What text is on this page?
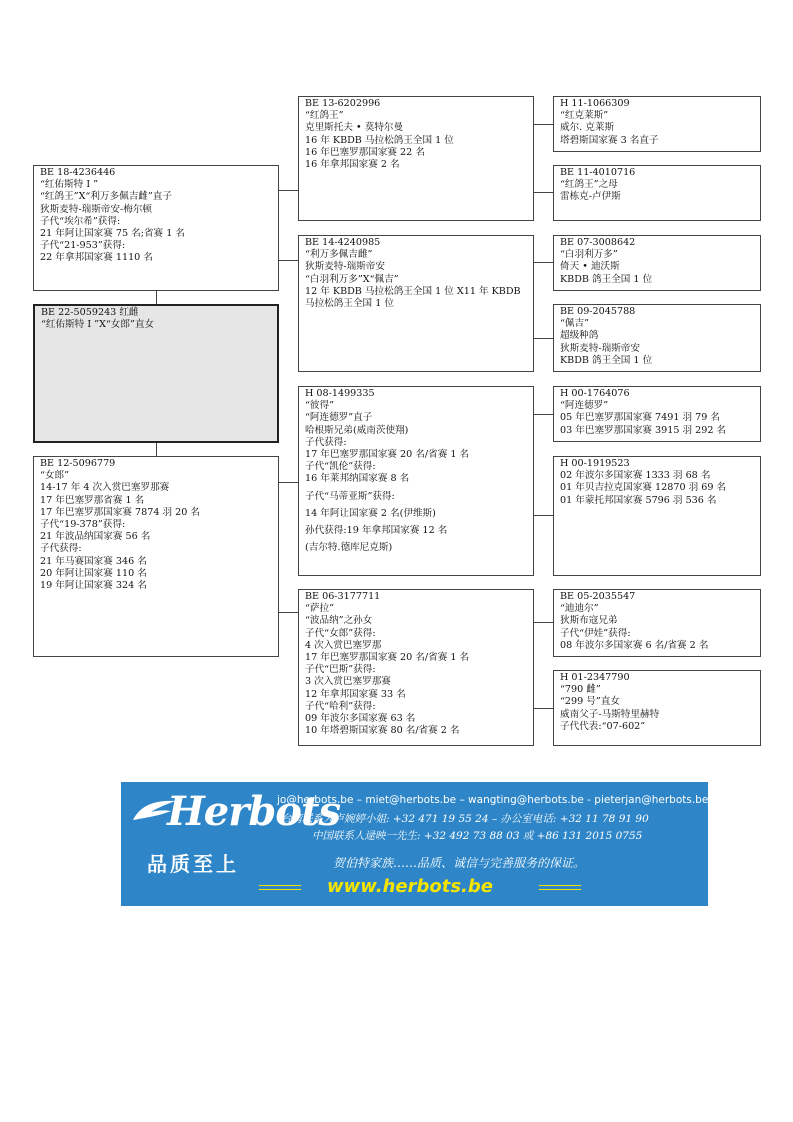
H 11-1066309
“红克莱斯”
威尔. 克莱斯
塔碧斯国家赛 3 名直子
BE 11-4010716
“红鸽王”之母
雷栋克-卢伊斯
BE 07-3008642
“白羽利万多”
倚天 • 迪沃斯
KBDB 鸽王全国 1 位
BE 09-2045788
“佩吉”
超级种鸽
狄斯麦特-瑞斯帝安
KBDB 鸽王全国 1 位
H 00-1764076
“阿连德罗”
05 年巴塞罗那国家赛 7491 羽 79 名
03 年巴塞罗那国家赛 3915 羽 292 名
H 00-1919523
02 年波尔多国家赛 1333 羽 68 名
01 年贝吉拉克国家赛 12870 羽 69 名
01 年蒙托邦国家赛 5796 羽 536 名
BE 05-2035547
“迪迪尔”
狄斯布寇兄弟
子代“伊娃”获得:
08 年波尔多国家赛 6 名/省赛 2 名
H 01-2347790
“790 雌”
“299 号”直女
威南父子-马斯特里赫特
子代代表:“07-602”
BE 13-6202996
“红鸽王”
克里斯托夫 • 莫特尔曼
16 年 KBDB 马拉松鸽王全国 1 位
16 年巴塞罗那国家赛 22 名
16 年拿邦国家赛 2 名
BE 14-4240985
“利万多佩吉雌”
狄斯麦特-瑞斯帝安
“白羽利万多”X“佩吉”
12 年 KBDB 马拉松鸽王全国 1 位 X11 年 KBDB
马拉松鸽王全国 1 位
H 08-1499335
“彼得”
“阿连德罗”直子
哈根斯兄弟(威南茨使翔)
子代获得:
17 年巴塞罗那国家赛 20 名/省赛 1 名
子代“凯伦”获得:
16 年莱邦纳国家赛 8 名
子代“马蒂亚斯”获得:
14 年阿让国家赛 2 名(伊维斯)
孙代获得:19 年拿邦国家赛 12 名
(吉尔特.德库尼克斯)
BE 06-3177711
“萨拉”
“波品纳”之孙女
子代“女郎”获得:
4 次入赏巴塞罗那
17 年巴塞罗那国家赛 20 名/省赛 1 名
子代“巴斯”获得:
3 次入赏巴塞罗那赛
12 年拿邦国家赛 33 名
子代“哈利”获得:
09 年波尔多国家赛 63 名
10 年塔碧斯国家赛 80 名/省赛 2 名
BE 18-4236446
“红佑斯特 I ”
“红鸽王”X“利万多佩吉雌”直子
狄斯麦特-瑞斯帝安-梅尔顿
子代“埃尔希”获得:
21 年阿让国家赛 75 名;省赛 1 名
子代“21-953”获得:
22 年拿邦国家赛 1110 名
BE 12-5096779
“女郎”
14-17 年 4 次入赏巴塞罗那赛
17 年巴塞罗那省赛 1 名
17 年巴塞罗那国家赛 7874 羽 20 名
子代“19-378”获得:
21 年波品纳国家赛 56 名
子代获得:
21 年马赛国家赛 346 名
20 年阿让国家赛 110 名
19 年阿让国家赛 324 名
BE 22-5059243 红雌
“红佑斯特 I ”X“女郎”直女
Herbots
品质至上
jo@herbots.be – miet@herbots.be – wangting@herbots.be - pieterjan@herbots.be
台湾联系人卢婉婷小姐: +32 471 19 55 24 – 办公室电话: +32 11 78 91 90
中国联系人逯映一先生: +32 492 73 88 03 或 +86 131 2015 0755
贺伯特家族……品质、诚信与完善服务的保证。
www.herbots.be
